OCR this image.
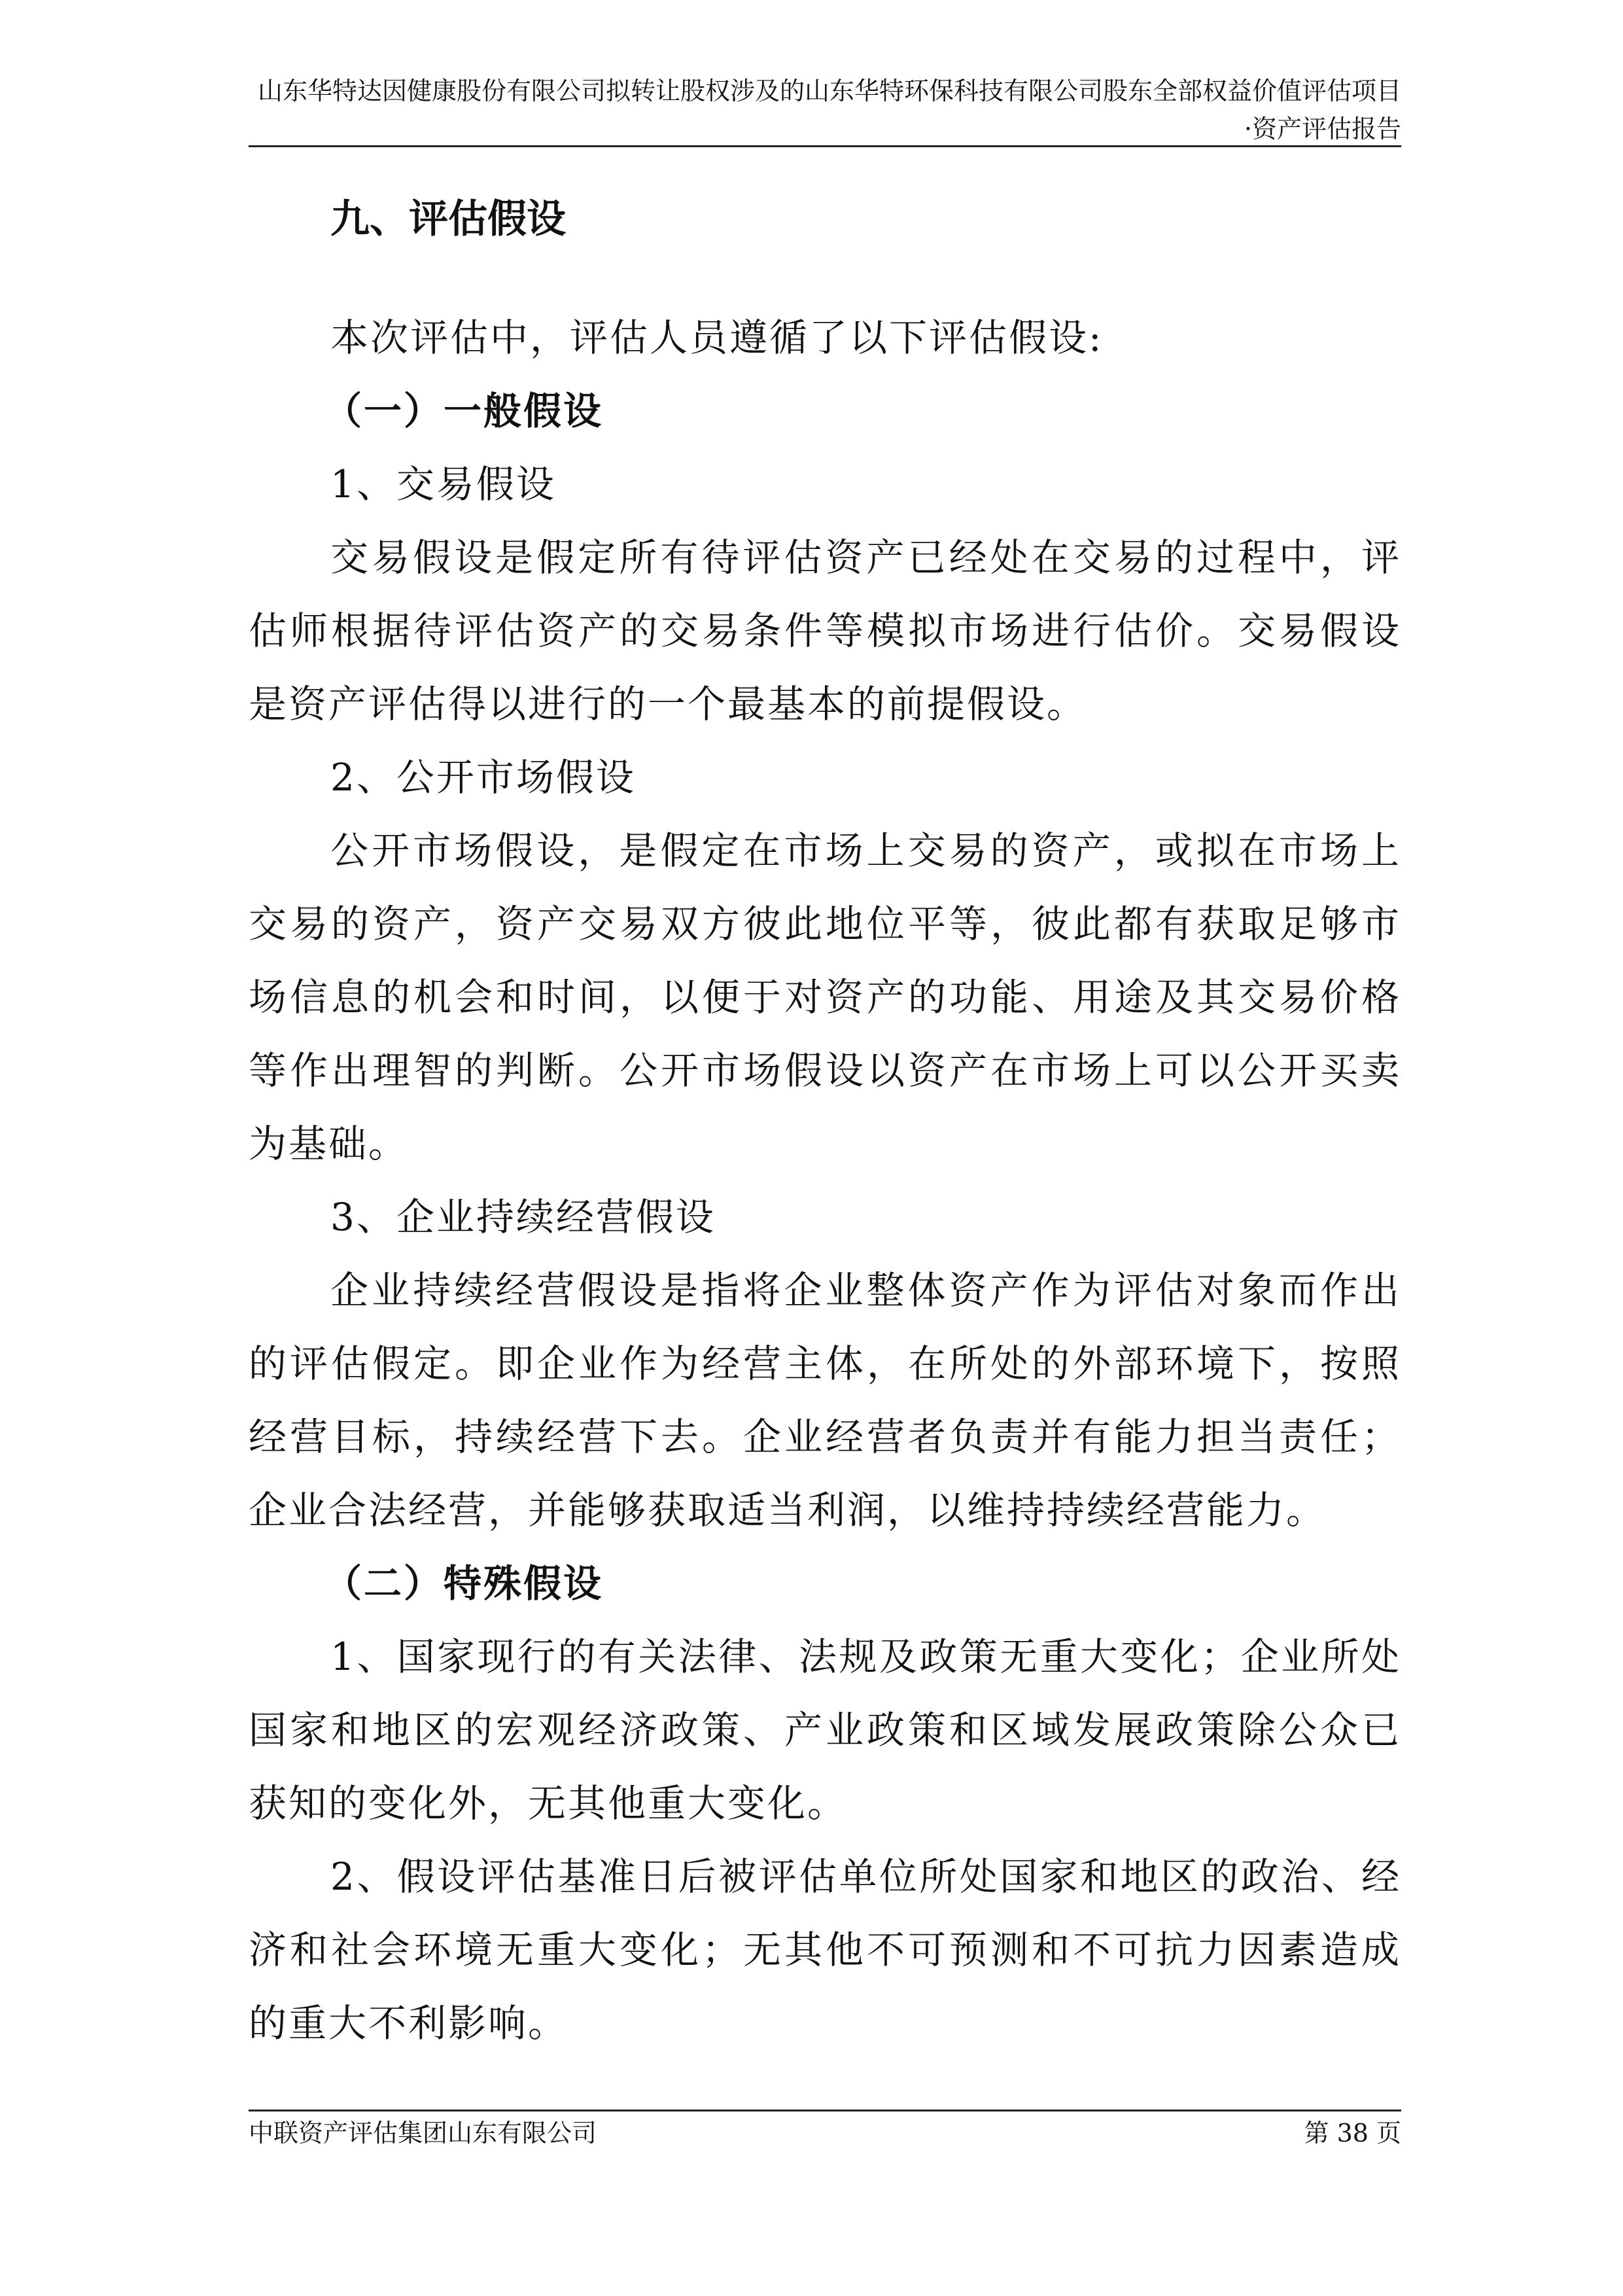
山东华特达因健康股份有限公司拟转让股权涉及的山东华特环保科技有限公司股东全部权益价值评估项目
·资产评估报告
九、评估假设

本次评估中，评估人员遵循了以下评估假设:

（一）一般假设

1、交易假设

交易假设是假定所有待评估资产已经处在交易的过程中，评估师根据待评估资产的交易条件等模拟市场进行估价。交易假设是资产评估得以进行的一个最基本的前提假设。

2、公开市场假设

公开市场假设，是假定在市场上交易的资产，或拟在市场上交易的资产，资产交易双方彼此地位平等，彼此都有获取足够市场信息的机会和时间，以便于对资产的功能、用途及其交易价格等作出理智的判断。公开市场假设以资产在市场上可以公开买卖为基础。

3、企业持续经营假设

企业持续经营假设是指将企业整体资产作为评估对象而作出的评估假定。即企业作为经营主体，在所处的外部环境下，按照经营目标，持续经营下去。企业经营者负责并有能力担当责任；企业合法经营，并能够获取适当利润，以维持持续经营能力。

（二）特殊假设

1、国家现行的有关法律、法规及政策无重大变化；企业所处国家和地区的宏观经济政策、产业政策和区域发展政策除公众已获知的变化外，无其他重大变化。

2、假设评估基准日后被评估单位所处国家和地区的政治、经济和社会环境无重大变化；无其他不可预测和不可抗力因素造成的重大不利影响。

中联资产评估集团山东有限公司	第 38 页
